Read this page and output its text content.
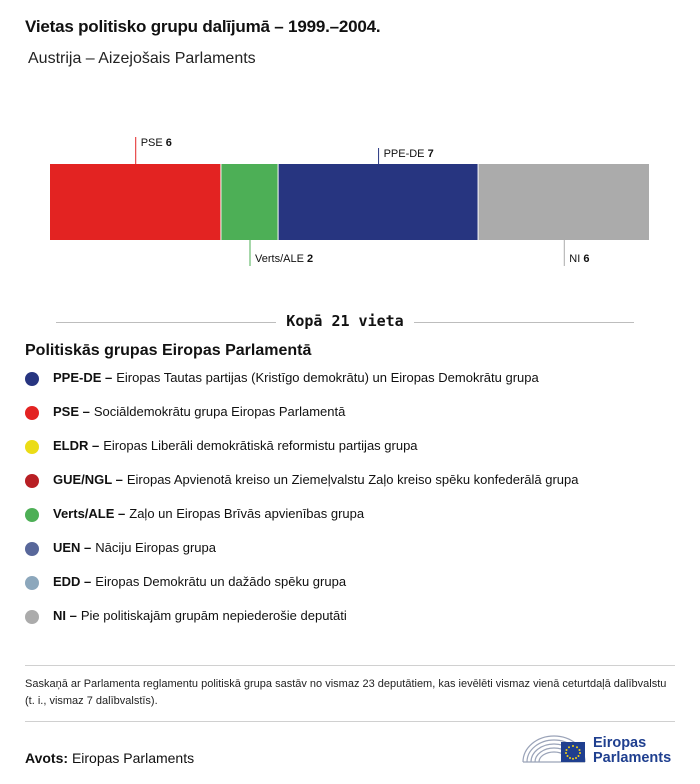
Vietas politisko grupu dalījumā – 1999.–2004.
Austrija – Aizejošais Parlaments
PSE 6
Verts/ALE 2
PPE-DE 7
NI 6
Kopā 21 vieta
Politiskās grupas Eiropas Parlamentā
PPE-DE – Eiropas Tautas partijas (Kristīgo demokrātu) un Eiropas Demokrātu grupa
PSE – Sociāldemokrātu grupa Eiropas Parlamentā
ELDR – Eiropas Liberāli demokrātiskā reformistu partijas grupa
GUE/NGL – Eiropas Apvienotā kreiso un Ziemeļvalstu Zaļo kreiso spēku konfederālā grupa
Verts/ALE – Zaļo un Eiropas Brīvās apvienības grupa
UEN – Nāciju Eiropas grupa
EDD – Eiropas Demokrātu un dažādo spēku grupa
NI – Pie politiskajām grupām nepiederošie deputāti
Saskaņā ar Parlamenta reglamentu politiskā grupa sastāv no vismaz 23 deputātiem, kas ievēlēti vismaz vienā ceturtdaļā dalībvalstu (t. i., vismaz 7 dalībvalstīs).
Avots: Eiropas Parlaments
Eiropas
Parlaments
